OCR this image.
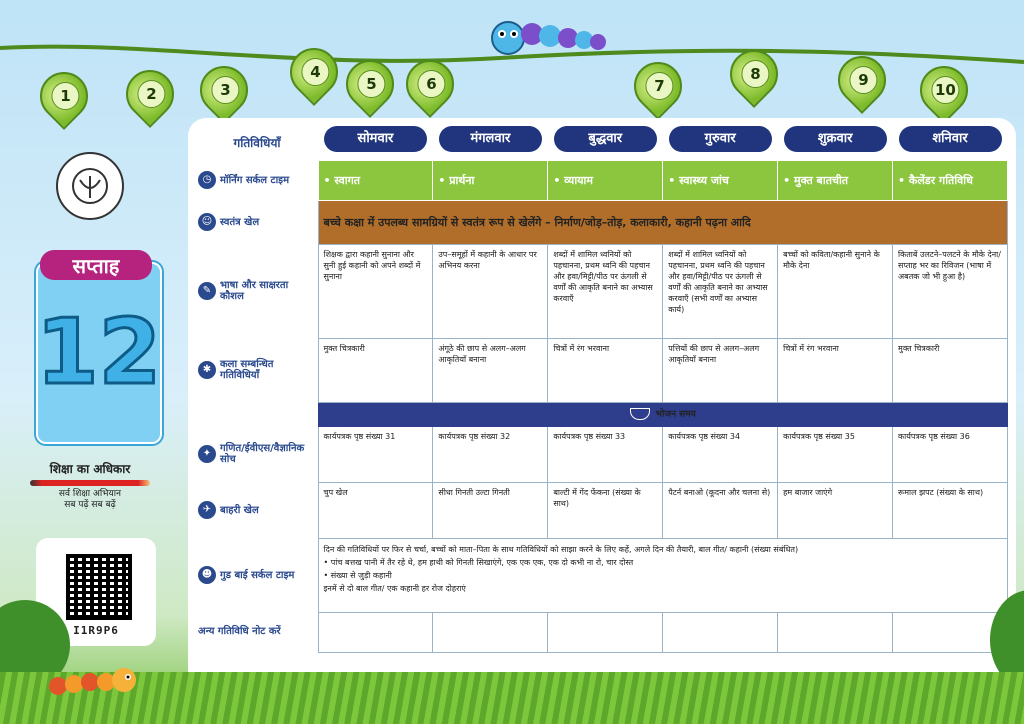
1	2	3
4
5	6	7
8	9
10
सप्ताह
12
शिक्षा का अधिकार
सर्व शिक्षा अभियान
सब पढ़ें सब बढ़ें
I1R9P6
गतिविधियाँ	सोमवार	मंगलवार	बुद्धवार	गुरुवार	शुक्रवार	शनिवार

◷ मॉर्निंग सर्कल टाइम	• स्वागत	• प्रार्थना	• व्यायाम	• स्वास्थ्य जांच	• मुक्त बातचीत	• कैलेंडर गतिविधि
☺ स्वतंत्र खेल	बच्चे कक्षा में उपलब्ध सामग्रियों से स्वतंत्र रूप से खेलेंगे – निर्माण/जोड़–तोड़, कलाकारी, कहानी पढ़ना आदि					
✎ भाषा और साक्षरता कौशल	शिक्षक द्वारा कहानी सुनाना और सुनी हुई कहानी को अपने शब्दों में सुनाना	उप–समूहों में कहानी के आधार पर अभिनय करना	शब्दों में शामिल ध्वनियों को पहचानना, प्रथम ध्वनि की पहचान और हवा/मिट्टी/पीठ पर ऊंगली से वर्णों की आकृति बनाने का अभ्यास करवाएँ	शब्दों में शामिल ध्वनियों को पहचानना, प्रथम ध्वनि की पहचान और हवा/मिट्टी/पीठ पर ऊंगली से वर्णों की आकृति बनाने का अभ्यास करवाएँ (सभी वर्णों का अभ्यास कार्य)	बच्चों को कविता/कहानी सुनाने के मौके देना	किताबें उलटने–पलटने के मौके देना/ सप्ताह भर का रिविजन (भाषा में अबतक जो भी हुआ है)
✱ कला सम्बन्धित गतिविधियाँ	मुक्त चित्रकारी	अंगूठे की छाप से अलग–अलग आकृतियाँ बनाना	चित्रों में रंग भरवाना	पत्तियों की छाप से अलग–अलग आकृतियाँ बनाना	चित्रों में रंग भरवाना	मुक्त चित्रकारी
	भोजन समय					
✦ गणित/ईवीएस/वैज्ञानिक सोच	कार्यपत्रक पृष्ठ संख्या 31	कार्यपत्रक पृष्ठ संख्या 32	कार्यपत्रक पृष्ठ संख्या 33	कार्यपत्रक पृष्ठ संख्या 34	कार्यपत्रक पृष्ठ संख्या 35	कार्यपत्रक पृष्ठ संख्या 36
✈ बाहरी खेल	चुप खेल	सीधा गिनती उल्टा गिनती	बाल्टी में गेंद फेंकना (संख्या के साथ)	पैटर्न बनाओ (कूदना और चलना से)	हम बाजार जाएंगे	रूमाल झपट (संख्या के साथ)
☻ गुड बाई सर्कल टाइम	दिन की गतिविधियों पर फिर से चर्चा, बच्चों को माता–पिता के साथ गतिविधियों को साझा करने के लिए कहें, अगले दिन की तैयारी, बाल गीत/ कहानी (संख्या संबंधित)
• पांच बत्तख पानी में तैर रहे थे, हम हाथी को गिनती सिखाएंगे, एक एक एक, एक दो कभी ना रो, चार दोस्त
• संख्या से जुड़ी कहानी
इनमें से दो बाल गीत/ एक कहानी हर रोज दोहराएं					

अन्य गतिविधि नोट करें						
